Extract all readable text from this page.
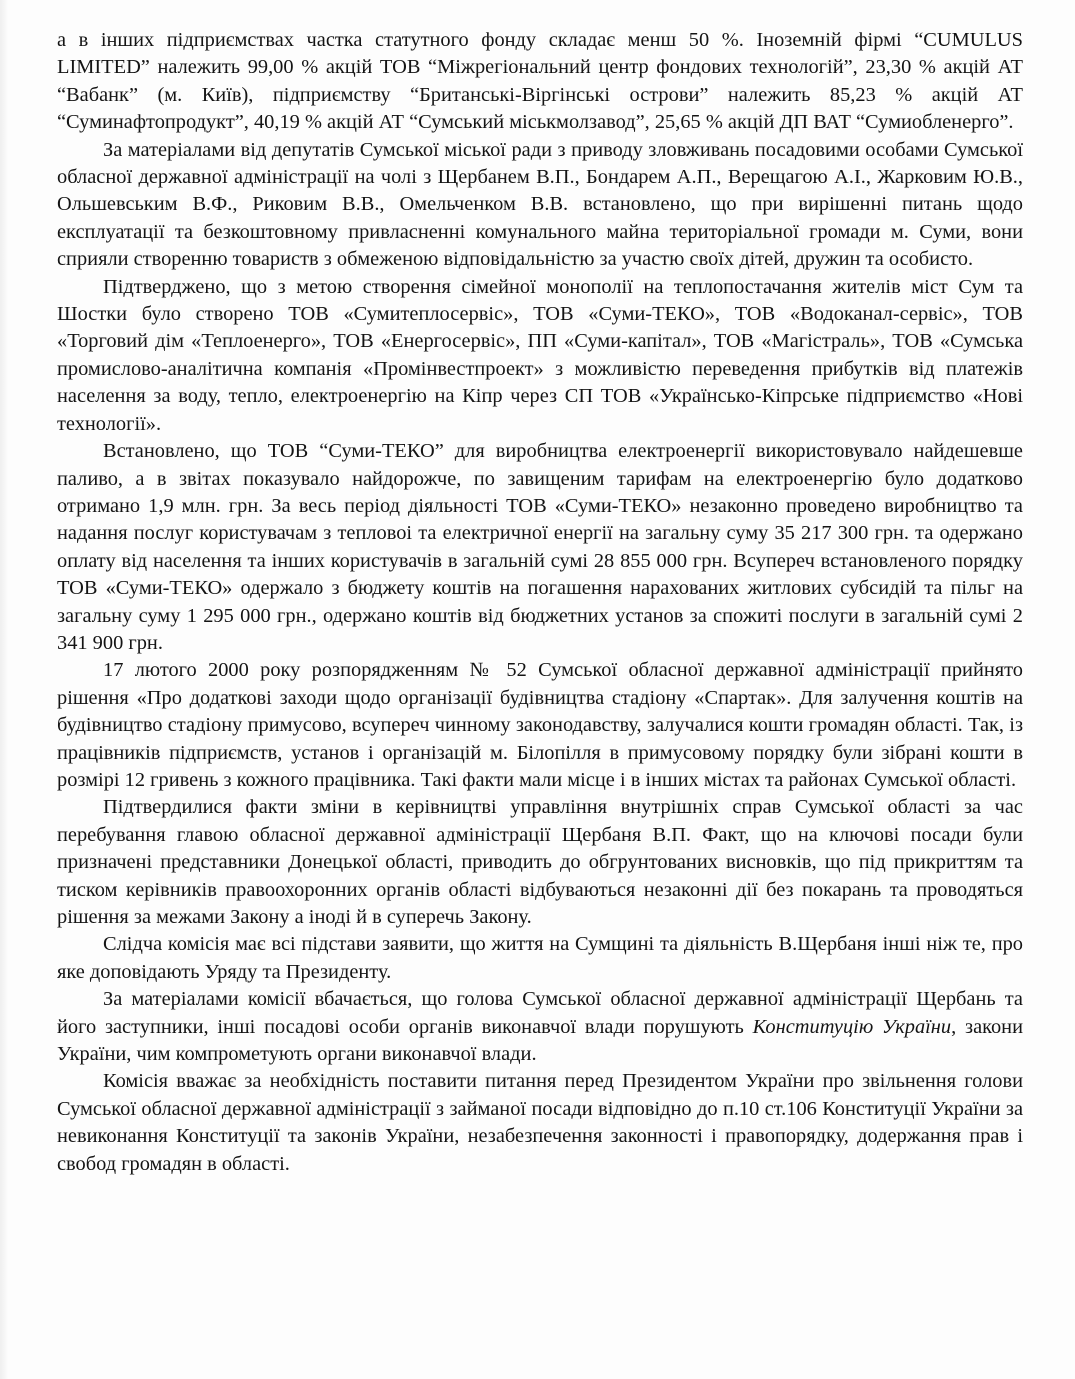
а в інших підприємствах частка статутного фонду складає менш 50 %. Іноземній фірмі “CUMULUS LIMITED” належить 99,00 % акцій ТОВ “Міжрегіональний центр фондових технологій”, 23,30 % акцій АТ “Вабанк” (м. Київ), підприємству “Британські-Віргінські острови” належить 85,23 % акцій АТ “Суминафтопродукт”, 40,19 % акцій АТ “Сумський міськмолзавод”, 25,65 % акцій ДП ВАТ “Сумиобленерго”.

За матеріалами від депутатів Сумської міської ради з приводу зловживань посадовими особами Сумської обласної державної адміністрації на чолі з Щербанем В.П., Бондарем А.П., Верещагою А.І., Жарковим Ю.В., Ольшевським В.Ф., Риковим В.В., Омельченком В.В. встановлено, що при вирішенні питань щодо експлуатації та безкоштовному привласненні комунального майна територіальної громади м. Суми, вони сприяли створенню товариств з обмеженою відповідальністю за участю своїх дітей, дружин та особисто.

Підтверджено, що з метою створення сімейної монополії на теплопостачання жителів міст Сум та Шостки було створено ТОВ «Сумитеплосервіс», ТОВ «Суми-ТЕКО», ТОВ «Водоканал-сервіс», ТОВ «Торговий дім «Теплоенерго», ТОВ «Енергосервіс», ПП «Суми-капітал», ТОВ «Магістраль», ТОВ «Сумська промислово-аналітична компанія «Промінвестпроект» з можливістю переведення прибутків від платежів населення за воду, тепло, електроенергію на Кіпр через СП ТОВ «Українсько-Кіпрське підприємство «Нові технології».

Встановлено, що ТОВ “Суми-ТЕКО” для виробництва електроенергії використовувало найдешевше паливо, а в звітах показувало найдорожче, по завищеним тарифам на електроенергію було додатково отримано 1,9 млн. грн. За весь період діяльності ТОВ «Суми-ТЕКО» незаконно проведено виробництво та надання послуг користувачам з тепловоі та електричної енергії на загальну суму 35 217 300 грн. та одержано оплату від населення та інших користувачів в загальній сумі 28 855 000 грн. Всупереч встановленого порядку ТОВ «Суми-ТЕКО» одержало з бюджету коштів на погашення нарахованих житлових субсидій та пільг на загальну суму 1 295 000 грн., одержано коштів від бюджетних установ за спожиті послуги в загальній сумі 2 341 900 грн.

17 лютого 2000 року розпорядженням № 52 Сумської обласної державної адміністрації прийнято рішення «Про додаткові заходи щодо організації будівництва стадіону «Спартак». Для залучення коштів на будівництво стадіону примусово, всупереч чинному законодавству, залучалися кошти громадян області. Так, із працівників підприємств, установ і організацій м. Білопілля в примусовому порядку були зібрані кошти в розмірі 12 гривень з кожного працівника. Такі факти мали місце і в інших містах та районах Сумської області.

Підтвердилися факти зміни в керівництві управління внутрішніх справ Сумської області за час перебування главою обласної державної адміністрації Щербаня В.П. Факт, що на ключові посади були призначені представники Донецької області, приводить до обгрунтованих висновків, що під прикриттям та тиском керівників правоохоронних органів області відбуваються незаконні дії без покарань та проводяться рішення за межами Закону а іноді й в суперечь Закону.

Слідча комісія має всі підстави заявити, що життя на Сумщині та діяльність В.Щербаня інші ніж те, про яке доповідають Уряду та Президенту.

За матеріалами комісії вбачається, що голова Сумської обласної державної адміністрації Щербань та його заступники, інші посадові особи органів виконавчої влади порушують Конституцію України, закони України, чим компрометують органи виконавчої влади.

Комісія вважає за необхідність поставити питання перед Президентом України про звільнення голови Сумської обласної державної адміністрації з займаної посади відповідно до п.10 ст.106 Конституції України за невиконання Конституції та законів України, незабезпечення законності і правопорядку, додержання прав і свобод громадян в області.
